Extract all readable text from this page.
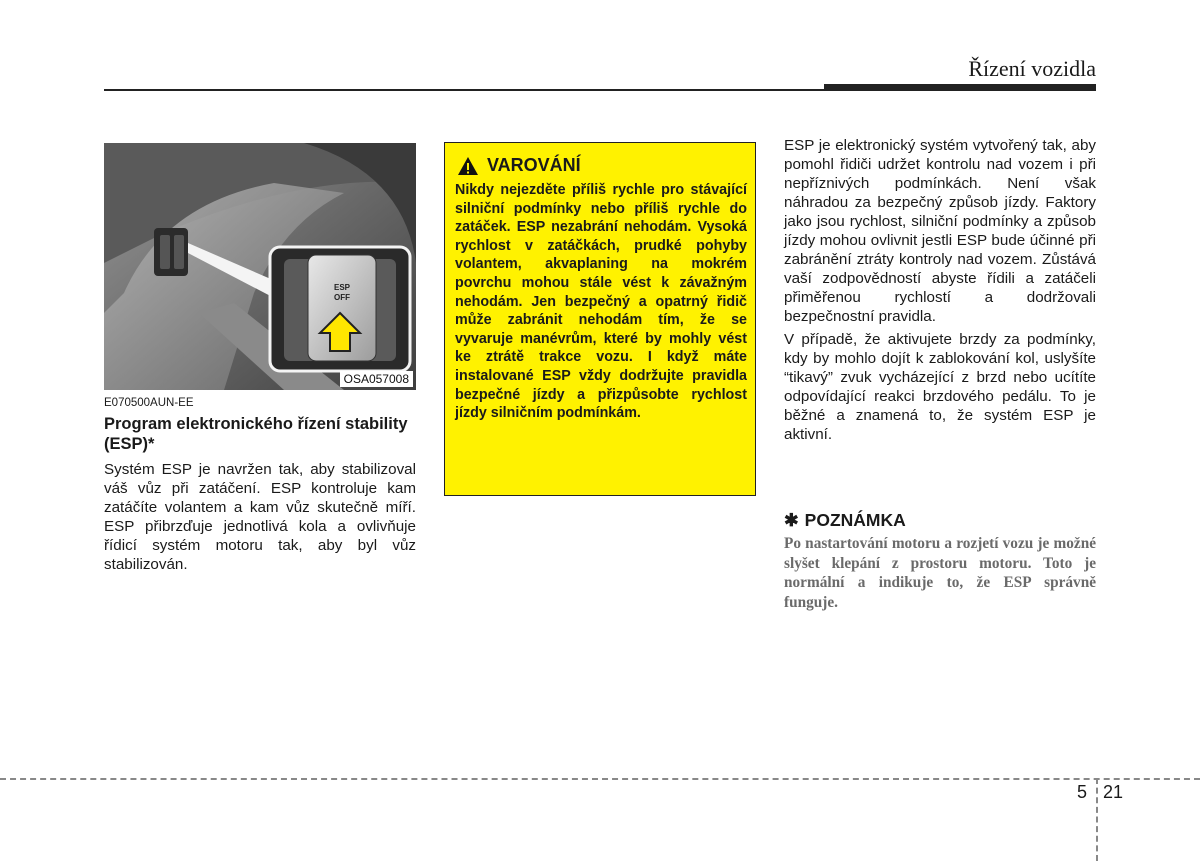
Řízení vozidla
ESP
OFF
OSA057008
E070500AUN-EE
Program elektronického řízení stability (ESP)*
Systém ESP je navržen tak, aby stabilizoval váš vůz při zatáčení. ESP kontroluje kam zatáčíte volantem a kam vůz skutečně míří. ESP přibrzďuje jednotlivá kola a ovlivňuje řídicí systém motoru tak, aby byl vůz stabilizován.
VAROVÁNÍ
Nikdy nejezděte příliš rychle pro stávající silniční podmínky nebo příliš rychle do zatáček. ESP nezabrání nehodám. Vysoká rychlost v zatáčkách, prudké pohyby volantem, akvaplaning na mokrém povrchu mohou stále vést k závažným nehodám. Jen bezpečný a opatrný řidič může zabránit nehodám tím, že se vyvaruje manévrům, které by mohly vést ke ztrátě trakce vozu. I když máte instalované ESP vždy dodržujte pravidla bezpečné jízdy a přizpůsobte rychlost jízdy silničním podmínkám.

ESP je elektronický systém vytvořený tak, aby pomohl řidiči udržet kontrolu nad vozem i při nepříznivých podmínkách. Není však náhradou za bezpečný způsob jízdy. Faktory jako jsou rychlost, silniční podmínky a způsob jízdy mohou ovlivnit jestli ESP bude účinné při zabránění ztráty kontroly nad vozem. Zůstává vaší zodpovědností abyste řídili a zatáčeli přiměřenou rychlostí a dodržovali bezpečnostní pravidla.

V případě, že aktivujete brzdy za podmínky, kdy by mohlo dojít k zablokování kol, uslyšíte “tikavý” zvuk vycházející z brzd nebo ucítíte odpovídající reakci brzdového pedálu. To je běžné a znamená to, že systém ESP je aktivní.

✱ POZNÁMKA
Po nastartování motoru a rozjetí vozu je možné slyšet klepání z prostoru motoru. Toto je normální a indikuje to, že ESP správně funguje.
5 21
